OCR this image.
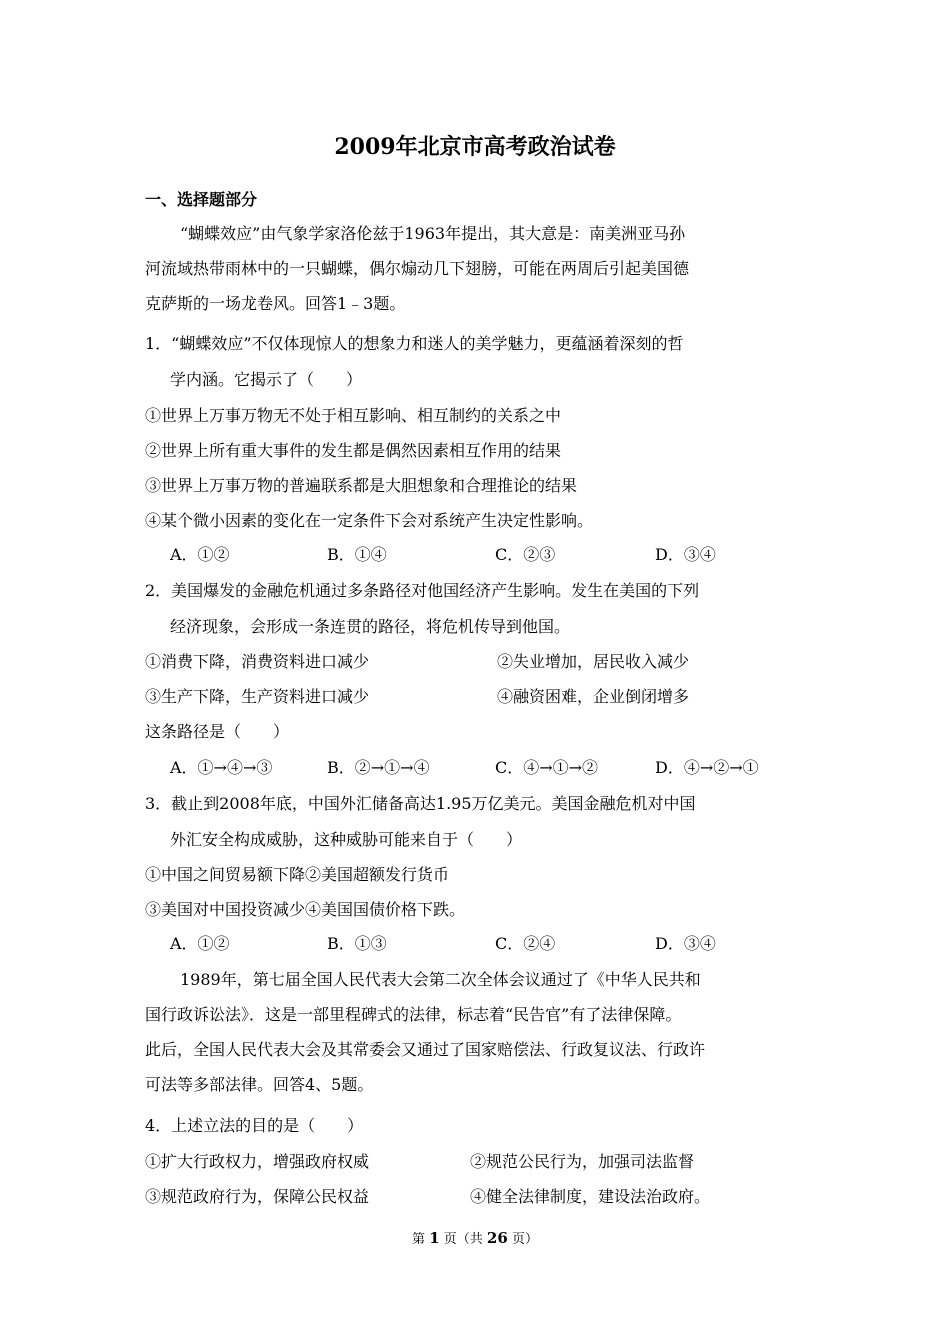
2009年北京市高考政治试卷
一、选择题部分
“蝴蝶效应”由气象学家洛伦兹于1963年提出，其大意是：南美洲亚马孙
河流域热带雨林中的一只蝴蝶，偶尔煽动几下翅膀，可能在两周后引起美国德
克萨斯的一场龙卷风。回答1﹣3题。
1．“蝴蝶效应”不仅体现惊人的想象力和迷人的美学魅力，更蕴涵着深刻的哲
学内涵。它揭示了（　　）
①世界上万事万物无不处于相互影响、相互制约的关系之中
②世界上所有重大事件的发生都是偶然因素相互作用的结果
③世界上万事万物的普遍联系都是大胆想象和合理推论的结果
④某个微小因素的变化在一定条件下会对系统产生决定性影响。
A．①②	B．①④	C．②③	D．③④
2．美国爆发的金融危机通过多条路径对他国经济产生影响。发生在美国的下列
经济现象，会形成一条连贯的路径，将危机传导到他国。
①消费下降，消费资料进口减少	②失业增加，居民收入减少
③生产下降，生产资料进口减少	④融资困难，企业倒闭增多
这条路径是（　　）
A．①→④→③	B．②→①→④	C．④→①→②	D．④→②→①
3．截止到2008年底，中国外汇储备高达1.95万亿美元。美国金融危机对中国
外汇安全构成威胁，这种威胁可能来自于（　　）
①中国之间贸易额下降②美国超额发行货币
③美国对中国投资减少④美国国债价格下跌。
A．①②	B．①③	C．②④	D．③④
1989年，第七届全国人民代表大会第二次全体会议通过了《中华人民共和
国行政诉讼法》．这是一部里程碑式的法律，标志着“民告官”有了法律保障。
此后，全国人民代表大会及其常委会又通过了国家赔偿法、行政复议法、行政许
可法等多部法律。回答4、5题。
4．上述立法的目的是（　　）
①扩大行政权力，增强政府权威	②规范公民行为，加强司法监督
③规范政府行为，保障公民权益	④健全法律制度，建设法治政府。
第 1 页（共 26 页）
